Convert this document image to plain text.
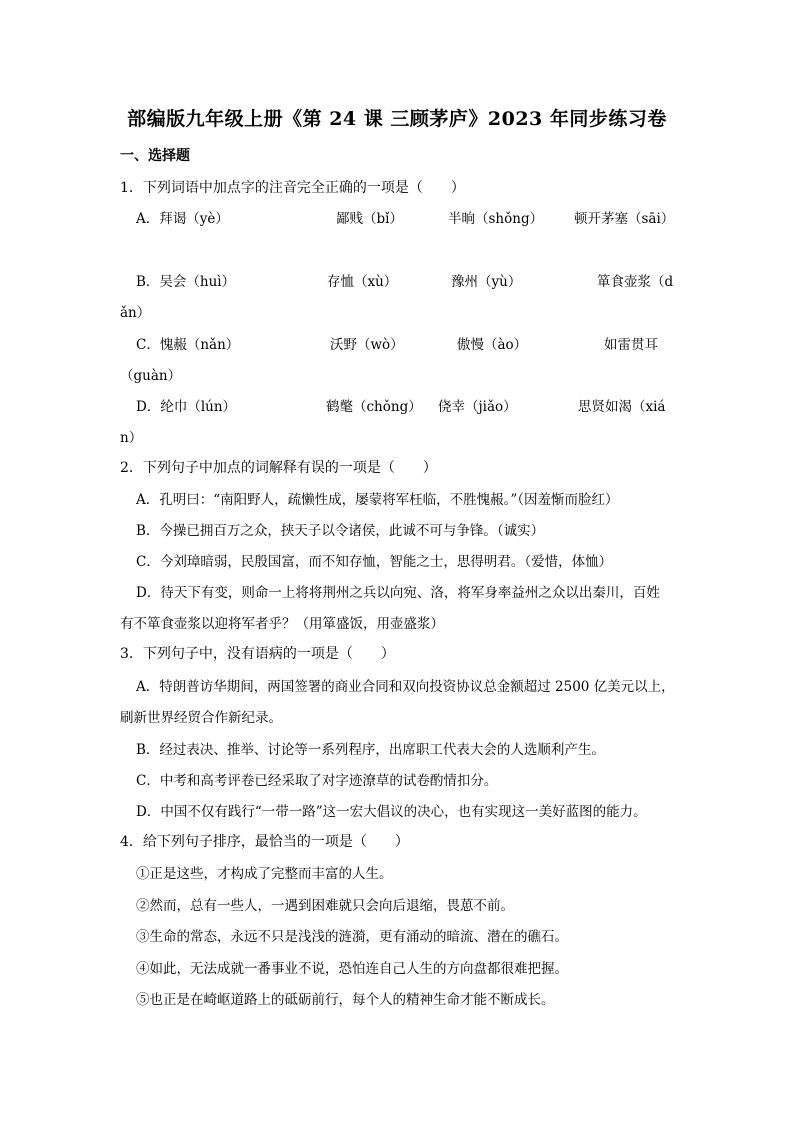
部编版九年级上册《第 24 课 三顾茅庐》2023 年同步练习卷
一、选择题
1．下列词语中加点字的注音完全正确的一项是（　　）
A．拜谒（yè）	鄙贱（bǐ）	半晌（shǒng） 顿开茅塞（sāi）
B．吴会（huì）	存恤（xù）	豫州（yù）	箪食壶浆（d
ǎn）
C．愧赧（nǎn）	沃野（wò）	傲慢（ào）	如雷贯耳
（guàn）
D．纶巾（lún）	鹤氅（chǒng） 侥幸（jiǎo）	思贤如渴（xiá
n）
2．下列句子中加点的词解释有误的一项是（　　）
A．孔明曰：“南阳野人，疏懒性成，屡蒙将军枉临，不胜愧赧。”（因羞惭而脸红）
B．今操已拥百万之众，挟天子以令诸侯，此诚不可与争锋。（诚实）
C．今刘璋暗弱，民殷国富，而不知存恤，智能之士，思得明君。（爱惜，体恤）
D．待天下有变，则命一上将将荆州之兵以向宛、洛，将军身率益州之众以出秦川，百姓
有不箪食壶浆以迎将军者乎？（用箪盛饭，用壶盛浆）
3．下列句子中，没有语病的一项是（　　）
A．特朗普访华期间，两国签署的商业合同和双向投资协议总金额超过 2500 亿美元以上，
刷新世界经贸合作新纪录。
B．经过表决、推举、讨论等一系列程序，出席职工代表大会的人选顺利产生。
C．中考和高考评卷已经采取了对字迹潦草的试卷酌情扣分。
D．中国不仅有践行“一带一路”这一宏大倡议的决心，也有实现这一美好蓝图的能力。
4．给下列句子排序，最恰当的一项是（　　）
①正是这些，才构成了完整而丰富的人生。
②然而，总有一些人，一遇到困难就只会向后退缩，畏葸不前。
③生命的常态，永远不只是浅浅的涟漪，更有涌动的暗流、潜在的礁石。
④如此，无法成就一番事业不说，恐怕连自己人生的方向盘都很难把握。
⑤也正是在崎岖道路上的砥砺前行，每个人的精神生命才能不断成长。
